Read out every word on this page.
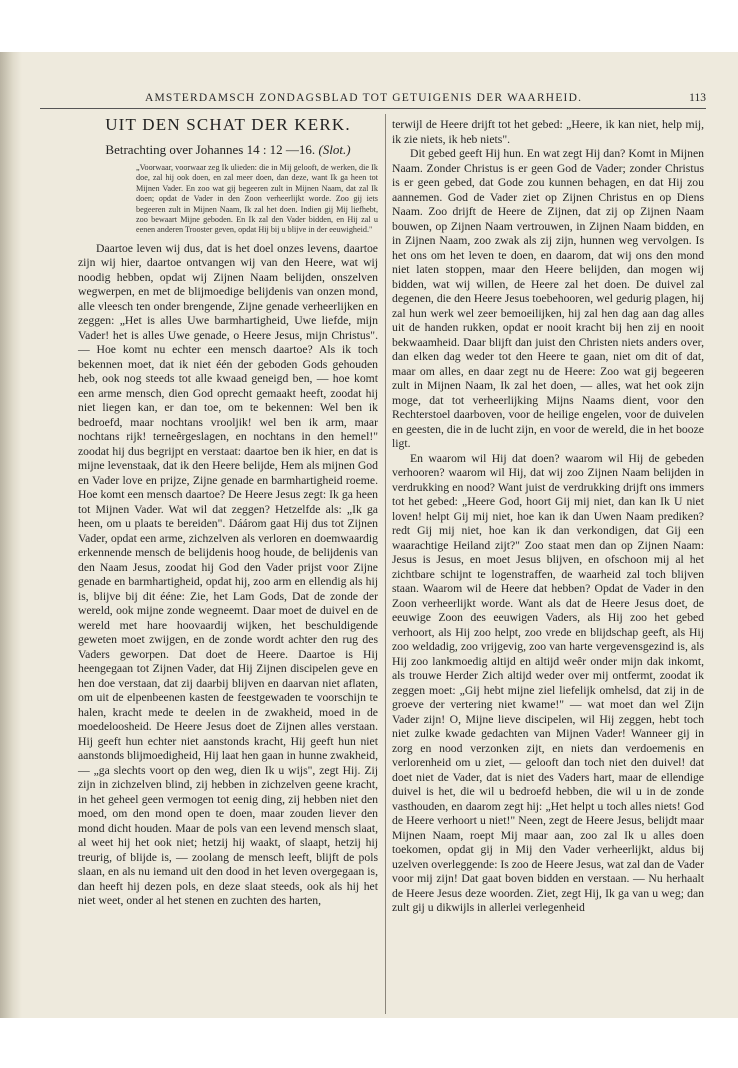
AMSTERDAMSCH ZONDAGSBLAD TOT GETUIGENIS DER WAARHEID.	113
UIT DEN SCHAT DER KERK.
Betrachting over Johannes 14 : 12 —16. (Slot.)
„Voorwaar, voorwaar zeg Ik ulieden: die in Mij gelooft, de werken, die Ik doe, zal hij ook doen, en zal meer doen, dan deze, want Ik ga heen tot Mijnen Vader. En zoo wat gij begeeren zult in Mijnen Naam, dat zal Ik doen; opdat de Vader in den Zoon verheerlijkt worde. Zoo gij iets begeeren zult in Mijnen Naam, Ik zal het doen. Indien gij Mij liefhebt, zoo bewaart Mijne geboden. En Ik zal den Vader bidden, en Hij zal u eenen anderen Trooster geven, opdat Hij bij u blijve in der eeuwigheid."

Daartoe leven wij dus, dat is het doel onzes levens, daartoe zijn wij hier, daartoe ontvangen wij van den Heere, wat wij noodig hebben, opdat wij Zijnen Naam belijden, onszelven wegwerpen, en met de blijmoedige belijdenis van onzen mond, alle vleesch ten onder brengende, Zijne genade verheerlijken en zeggen: „Het is alles Uwe barmhartigheid, Uwe liefde, mijn Vader! het is alles Uwe genade, o Heere Jesus, mijn Christus". — Hoe komt nu echter een mensch daartoe? Als ik toch bekennen moet, dat ik niet één der geboden Gods gehouden heb, ook nog steeds tot alle kwaad geneigd ben, — hoe komt een arme mensch, dien God oprecht gemaakt heeft, zoodat hij niet liegen kan, er dan toe, om te bekennen: Wel ben ik bedroefd, maar nochtans vrooljik! wel ben ik arm, maar nochtans rijk! terneêrgeslagen, en nochtans in den hemel!" zoodat hij dus begrijpt en verstaat: daartoe ben ik hier, en dat is mijne levenstaak, dat ik den Heere belijde, Hem als mijnen God en Vader love en prijze, Zijne genade en barmhartigheid roeme. Hoe komt een mensch daartoe? De Heere Jesus zegt: Ik ga heen tot Mijnen Vader. Wat wil dat zeggen? Hetzelfde als: „Ik ga heen, om u plaats te bereiden". Dáárom gaat Hij dus tot Zijnen Vader, opdat een arme, zichzelven als verloren en doemwaardig erkennende mensch de belijdenis hoog houde, de belijdenis van den Naam Jesus, zoodat hij God den Vader prijst voor Zijne genade en barmhartigheid, opdat hij, zoo arm en ellendig als hij is, blijve bij dit ééne: Zie, het Lam Gods, Dat de zonde der wereld, ook mijne zonde wegneemt. Daar moet de duivel en de wereld met hare hoovaardij wijken, het beschuldigende geweten moet zwijgen, en de zonde wordt achter den rug des Vaders geworpen. Dat doet de Heere. Daartoe is Hij heengegaan tot Zijnen Vader, dat Hij Zijnen discipelen geve en hen doe verstaan, dat zij daarbij blijven en daarvan niet aflaten, om uit de elpenbeenen kasten de feestgewaden te voorschijn te halen, kracht mede te deelen in de zwakheid, moed in de moedeloosheid. De Heere Jesus doet de Zijnen alles verstaan. Hij geeft hun echter niet aanstonds kracht, Hij geeft hun niet aanstonds blijmoedigheid, Hij laat hen gaan in hunne zwakheid, — „ga slechts voort op den weg, dien Ik u wijs", zegt Hij. Zij zijn in zichzelven blind, zij hebben in zichzelven geene kracht, in het geheel geen vermogen tot eenig ding, zij hebben niet den moed, om den mond open te doen, maar zouden liever den mond dicht houden. Maar de pols van een levend mensch slaat, al weet hij het ook niet; hetzij hij waakt, of slaapt, hetzij hij treurig, of blijde is, — zoolang de mensch leeft, blijft de pols slaan, en als nu iemand uit den dood in het leven overgegaan is, dan heeft hij dezen pols, en deze slaat steeds, ook als hij het niet weet, onder al het stenen en zuchten des harten,

terwijl de Heere drijft tot het gebed: „Heere, ik kan niet, help mij, ik zie niets, ik heb niets".

Dit gebed geeft Hij hun. En wat zegt Hij dan? Komt in Mijnen Naam. Zonder Christus is er geen God de Vader; zonder Christus is er geen gebed, dat Gode zou kunnen behagen, en dat Hij zou aannemen. God de Vader ziet op Zijnen Christus en op Diens Naam. Zoo drijft de Heere de Zijnen, dat zij op Zijnen Naam bouwen, op Zijnen Naam vertrouwen, in Zijnen Naam bidden, en in Zijnen Naam, zoo zwak als zij zijn, hunnen weg vervolgen. Is het ons om het leven te doen, en daarom, dat wij ons den mond niet laten stoppen, maar den Heere belijden, dan mogen wij bidden, wat wij willen, de Heere zal het doen. De duivel zal degenen, die den Heere Jesus toebehooren, wel gedurig plagen, hij zal hun werk wel zeer bemoeilijken, hij zal hen dag aan dag alles uit de handen rukken, opdat er nooit kracht bij hen zij en nooit bekwaamheid. Daar blijft dan juist den Christen niets anders over, dan elken dag weder tot den Heere te gaan, niet om dit of dat, maar om alles, en daar zegt nu de Heere: Zoo wat gij begeeren zult in Mijnen Naam, Ik zal het doen, — alles, wat het ook zijn moge, dat tot verheerlijking Mijns Naams dient, voor den Rechterstoel daarboven, voor de heilige engelen, voor de duivelen en geesten, die in de lucht zijn, en voor de wereld, die in het booze ligt.

En waarom wil Hij dat doen? waarom wil Hij de gebeden verhooren? waarom wil Hij, dat wij zoo Zijnen Naam belijden in verdrukking en nood? Want juist de verdrukking drijft ons immers tot het gebed: „Heere God, hoort Gij mij niet, dan kan Ik U niet loven! helpt Gij mij niet, hoe kan ik dan Uwen Naam prediken? redt Gij mij niet, hoe kan ik dan verkondigen, dat Gij een waarachtige Heiland zijt?" Zoo staat men dan op Zijnen Naam: Jesus is Jesus, en moet Jesus blijven, en ofschoon mij al het zichtbare schijnt te logenstraffen, de waarheid zal toch blijven staan. Waarom wil de Heere dat hebben? Opdat de Vader in den Zoon verheerlijkt worde. Want als dat de Heere Jesus doet, de eeuwige Zoon des eeuwigen Vaders, als Hij zoo het gebed verhoort, als Hij zoo helpt, zoo vrede en blijdschap geeft, als Hij zoo weldadig, zoo vrijgevig, zoo van harte vergevensgezind is, als Hij zoo lankmoedig altijd en altijd weêr onder mijn dak inkomt, als trouwe Herder Zich altijd weder over mij ontfermt, zoodat ik zeggen moet: „Gij hebt mijne ziel liefelijk omhelsd, dat zij in de groeve der vertering niet kwame!" — wat moet dan wel Zijn Vader zijn! O, Mijne lieve discipelen, wil Hij zeggen, hebt toch niet zulke kwade gedachten van Mijnen Vader! Wanneer gij in zorg en nood verzonken zijt, en niets dan verdoemenis en verlorenheid om u ziet, — gelooft dan toch niet den duivel! dat doet niet de Vader, dat is niet des Vaders hart, maar de ellendige duivel is het, die wil u bedroefd hebben, die wil u in de zonde vasthouden, en daarom zegt hij: „Het helpt u toch alles niets! God de Heere verhoort u niet!" Neen, zegt de Heere Jesus, belijdt maar Mijnen Naam, roept Mij maar aan, zoo zal Ik u alles doen toekomen, opdat gij in Mij den Vader verheerlijkt, aldus bij uzelven overleggende: Is zoo de Heere Jesus, wat zal dan de Vader voor mij zijn! Dat gaat boven bidden en verstaan. — Nu herhaalt de Heere Jesus deze woorden. Ziet, zegt Hij, Ik ga van u weg; dan zult gij u dikwijls in allerlei verlegenheid
